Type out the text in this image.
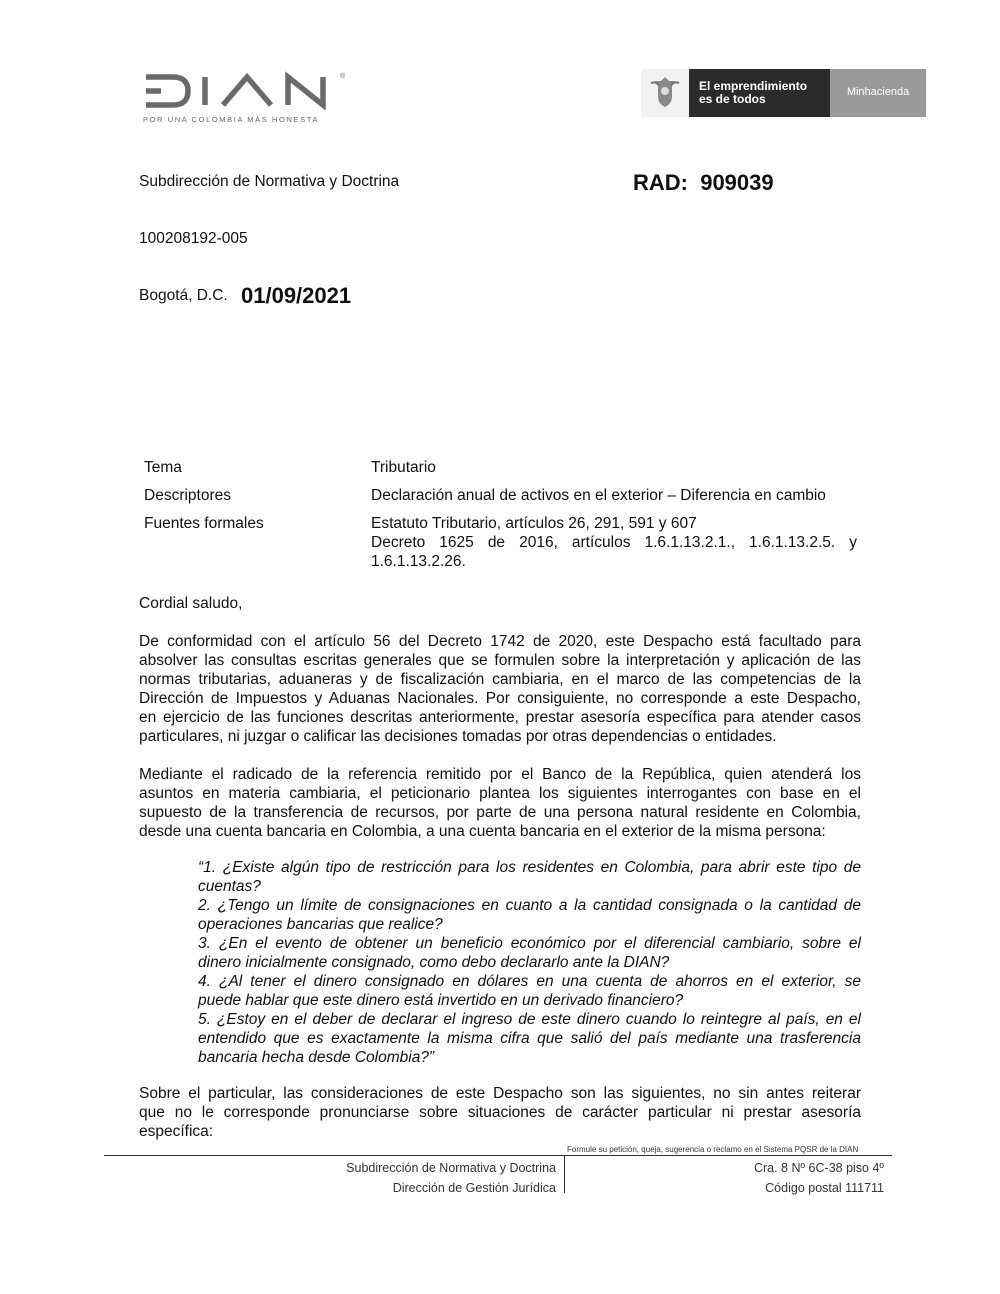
®
POR UNA COLOMBIA MÁS HONESTA
El emprendimiento
es de todos	Minhacienda
Subdirección de Normativa y Doctrina	RAD:  909039
100208192-005
Bogotá, D.C. 01/09/2021
Tema	Tributario
Descriptores	Declaración anual de activos en el exterior – Diferencia en cambio
Fuentes formales	Estatuto Tributario, artículos 26, 291, 591 y 607
Decreto 1625 de 2016, artículos 1.6.1.13.2.1., 1.6.1.13.2.5. y
1.6.1.13.2.26.
Cordial saludo,
De conformidad con el artículo 56 del Decreto 1742 de 2020, este Despacho está facultado para
absolver las consultas escritas generales que se formulen sobre la interpretación y aplicación de las
normas tributarias, aduaneras y de fiscalización cambiaria, en el marco de las competencias de la
Dirección de Impuestos y Aduanas Nacionales. Por consiguiente, no corresponde a este Despacho,
en ejercicio de las funciones descritas anteriormente, prestar asesoría específica para atender casos
particulares, ni juzgar o calificar las decisiones tomadas por otras dependencias o entidades.
Mediante el radicado de la referencia remitido por el Banco de la República, quien atenderá los
asuntos en materia cambiaria, el peticionario plantea los siguientes interrogantes con base en el
supuesto de la transferencia de recursos, por parte de una persona natural residente en Colombia,
desde una cuenta bancaria en Colombia, a una cuenta bancaria en el exterior de la misma persona:
“1. ¿Existe algún tipo de restricción para los residentes en Colombia, para abrir este tipo de
cuentas?
2. ¿Tengo un límite de consignaciones en cuanto a la cantidad consignada o la cantidad de
operaciones bancarias que realice?
3. ¿En el evento de obtener un beneficio económico por el diferencial cambiario, sobre el
dinero inicialmente consignado, como debo declararlo ante la DIAN?
4. ¿Al tener el dinero consignado en dólares en una cuenta de ahorros en el exterior, se
puede hablar que este dinero está invertido en un derivado financiero?
5. ¿Estoy en el deber de declarar el ingreso de este dinero cuando lo reintegre al país, en el
entendido que es exactamente la misma cifra que salió del país mediante una trasferencia
bancaria hecha desde Colombia?”
Sobre el particular, las consideraciones de este Despacho son las siguientes, no sin antes reiterar
que no le corresponde pronunciarse sobre situaciones de carácter particular ni prestar asesoría
específica:
Formule su petición, queja, sugerencia o reclamo en el Sistema PQSR de la DIAN
Subdirección de Normativa y Doctrina
Dirección de Gestión Jurídica
Cra. 8 Nº 6C-38 piso 4º
Código postal 111711
